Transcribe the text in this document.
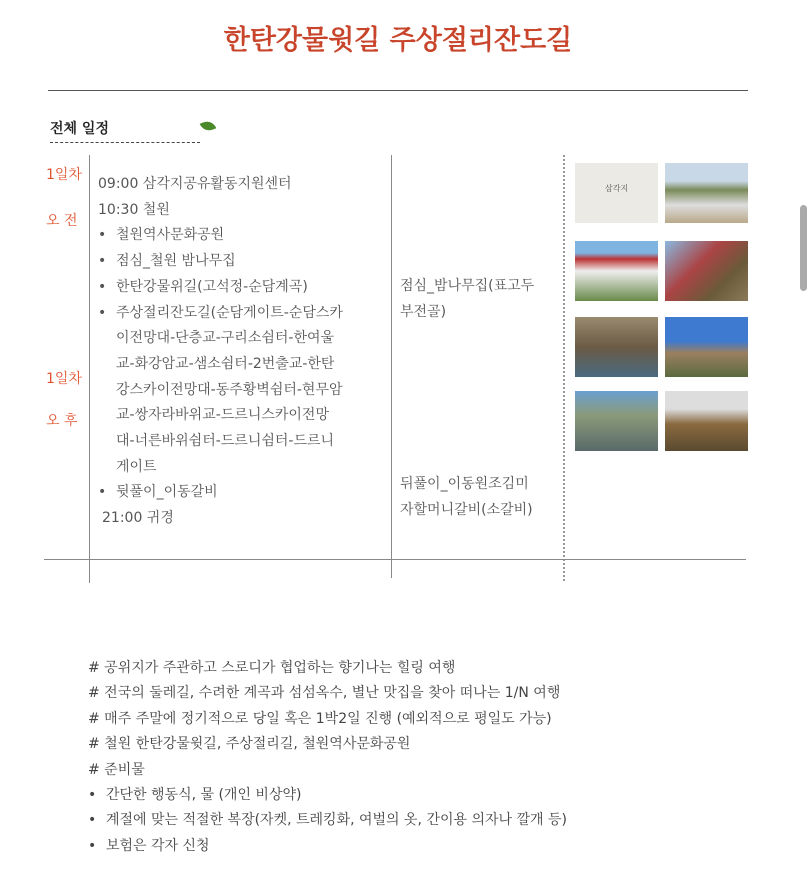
한탄강물윗길 주상절리잔도길
전체 일정
1일차
오 전
1일차
오 후
09:00 삼각지공유활동지원센터
10:30 철원
• 철원역사문화공원
• 점심_철원 밤나무집
• 한탄강물위길(고석정-순담계곡)
• 주상절리잔도길(순담게이트-순담스카
이전망대-단층교-구리소쉼터-한여울
교-화강암교-샘소쉼터-2번출교-한탄
강스카이전망대-동주황벽쉼터-현무암
교-쌍자라바위교-드르니스카이전망
대-너른바위쉼터-드르니쉼터-드르니
게이트
• 뒷풀이_이동갈비
21:00 귀경
점심_밤나무집(표고두
부전골)
뒤풀이_이동원조김미
자할머니갈비(소갈비)
삼각지
# 공위지가 주관하고 스로디가 협업하는 향기나는 힐링 여행
# 전국의 둘레길, 수려한 계곡과 섬섬옥수, 별난 맛집을 찾아 떠나는 1/N 여행
# 매주 주말에 정기적으로 당일 혹은 1박2일 진행 (예외적으로 평일도 가능)
# 철원 한탄강물윗길, 주상절리길, 철원역사문화공원
# 준비물
• 간단한 행동식, 물 (개인 비상약)
• 계절에 맞는 적절한 복장(자켓, 트레킹화, 여벌의 옷, 간이용 의자나 깔개 등)
• 보험은 각자 신청
